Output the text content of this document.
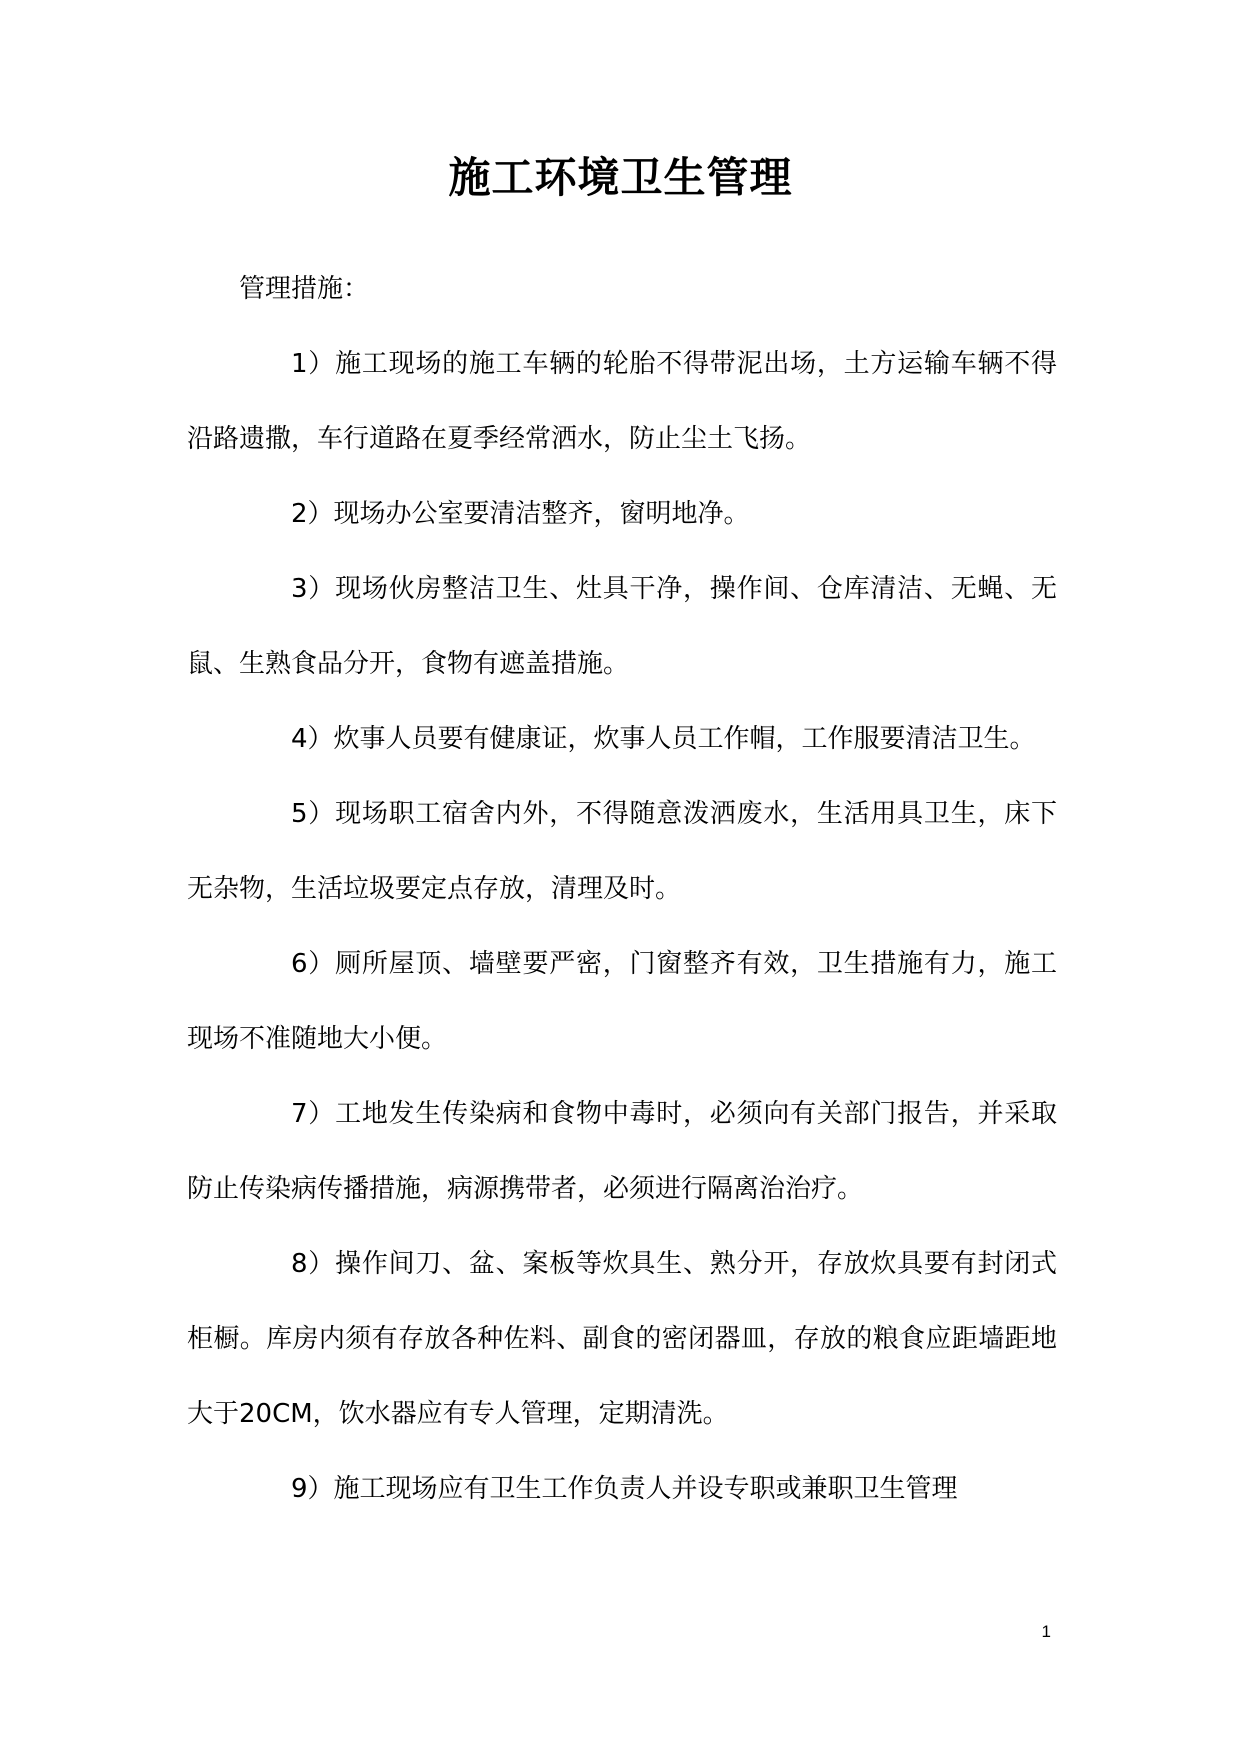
施工环境卫生管理

管理措施：

1）施工现场的施工车辆的轮胎不得带泥出场，土方运输车辆不得沿路遗撒，车行道路在夏季经常洒水，防止尘土飞扬。

2）现场办公室要清洁整齐，窗明地净。

3）现场伙房整洁卫生、灶具干净，操作间、仓库清洁、无蝇、无鼠、生熟食品分开，食物有遮盖措施。

4）炊事人员要有健康证，炊事人员工作帽，工作服要清洁卫生。

5）现场职工宿舍内外，不得随意泼洒废水，生活用具卫生，床下无杂物，生活垃圾要定点存放，清理及时。

6）厕所屋顶、墙壁要严密，门窗整齐有效，卫生措施有力，施工现场不准随地大小便。

7）工地发生传染病和食物中毒时，必须向有关部门报告，并采取防止传染病传播措施，病源携带者，必须进行隔离治治疗。

8）操作间刀、盆、案板等炊具生、熟分开，存放炊具要有封闭式柜橱。库房内须有存放各种佐料、副食的密闭器皿，存放的粮食应距墙距地大于20CM，饮水器应有专人管理，定期清洗。

9）施工现场应有卫生工作负责人并设专职或兼职卫生管理

1
